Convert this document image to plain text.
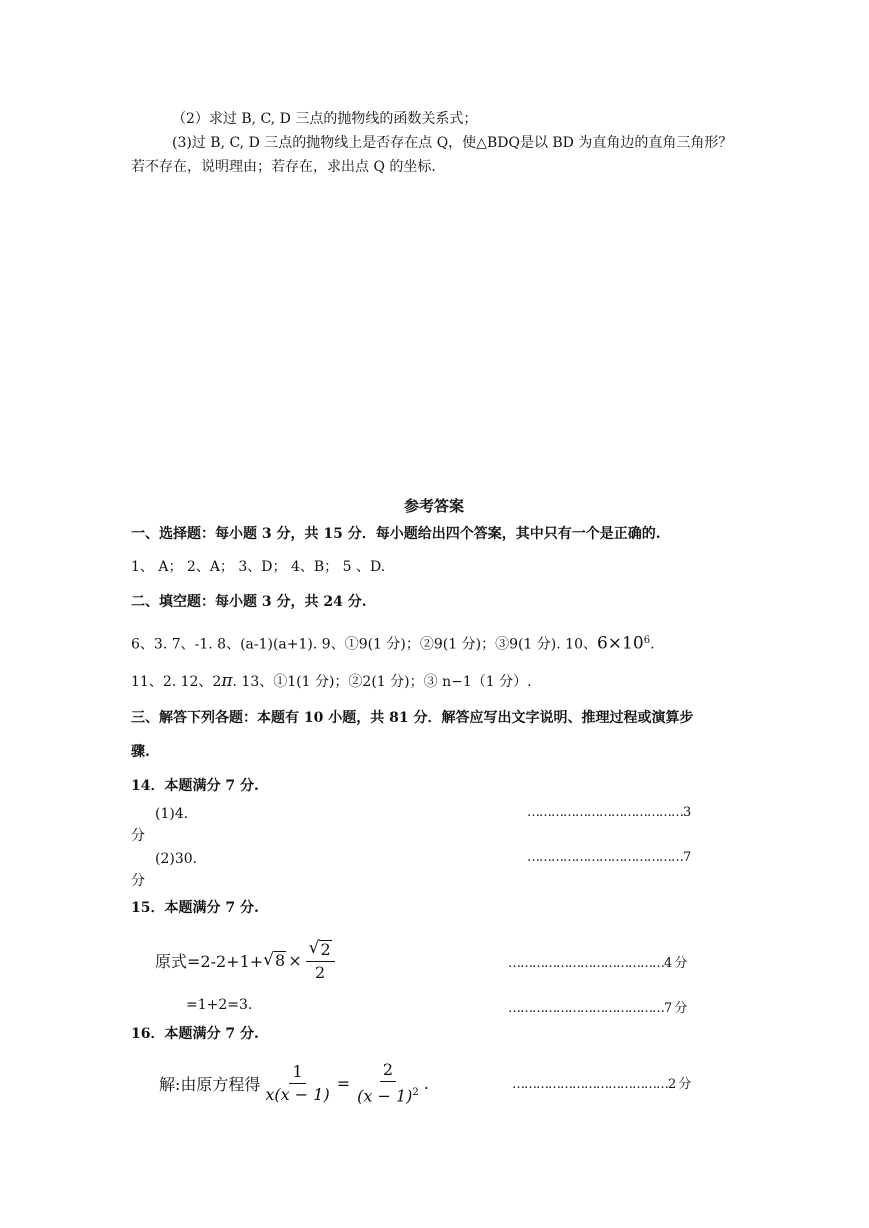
（2）求过 B, C, D 三点的抛物线的函数关系式；
(3)过 B, C, D 三点的抛物线上是否存在点 Q，使△BDQ是以 BD 为直角边的直角三角形？
若不存在，说明理由；若存在，求出点 Q 的坐标.
参考答案
一、选择题：每小题 3 分，共 15 分．每小题给出四个答案，其中只有一个是正确的.
1、 A； 2、A； 3、D； 4、B； 5 、D.
二、填空题：每小题 3 分，共 24 分.
6、3. 7、-1. 8、(a-1)(a+1). 9、①9(1 分)；②9(1 分)；③9(1 分). 10、$6\times 10^6$.
11、2. 12、2π. 13、①1(1 分)；②2(1 分)；③ n−1（1 分）.
三、解答下列各题：本题有 10 小题，共 81 分．解答应写出文字说明、推理过程或演算步
骤.
14．本题满分 7 分.
(1)4.	…………………………………3
分
(2)30.	…………………………………7
分
15．本题满分 7 分.
原式=2-2+1+ √ $8 \times \frac{√ 2}{2}$	…………………………………4 分
=1+2=3.	…………………………………7 分
16．本题满分 7 分.
解:由原方程得 $\frac{1}{x(x - 1)} = \frac{2}{(x - 1)^2}$ .	…………………………………2 分
